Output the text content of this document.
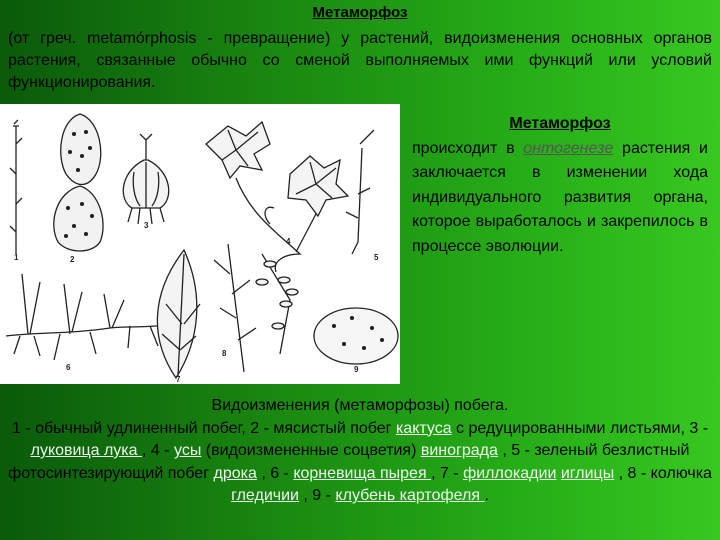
Метаморфоз
(от греч. metamórphosis - превращение) у растений, видоизменения основных органов растения, связанные обычно со сменой выполняемых ими функций или условий функционирования.
1	2
3
4
5
6
7
8
9
Метаморфоз
происходит в онтогенезе растения и заключается в изменении хода индивидуального развития органа, которое выработалось и закрепилось в процессе эволюции.
Видоизменения (метаморфозы) побега.
1 - обычный удлиненный побег, 2 - мясистый побег кактуса с редуцированными листьями, 3 - луковица лука , 4 - усы (видоизмененные соцветия) винограда , 5 - зеленый безлистный фотосинтезирующий побег дрока , 6 - корневища пырея , 7 - филлокадии иглицы , 8 - колючка гледичии , 9 - клубень картофеля .
